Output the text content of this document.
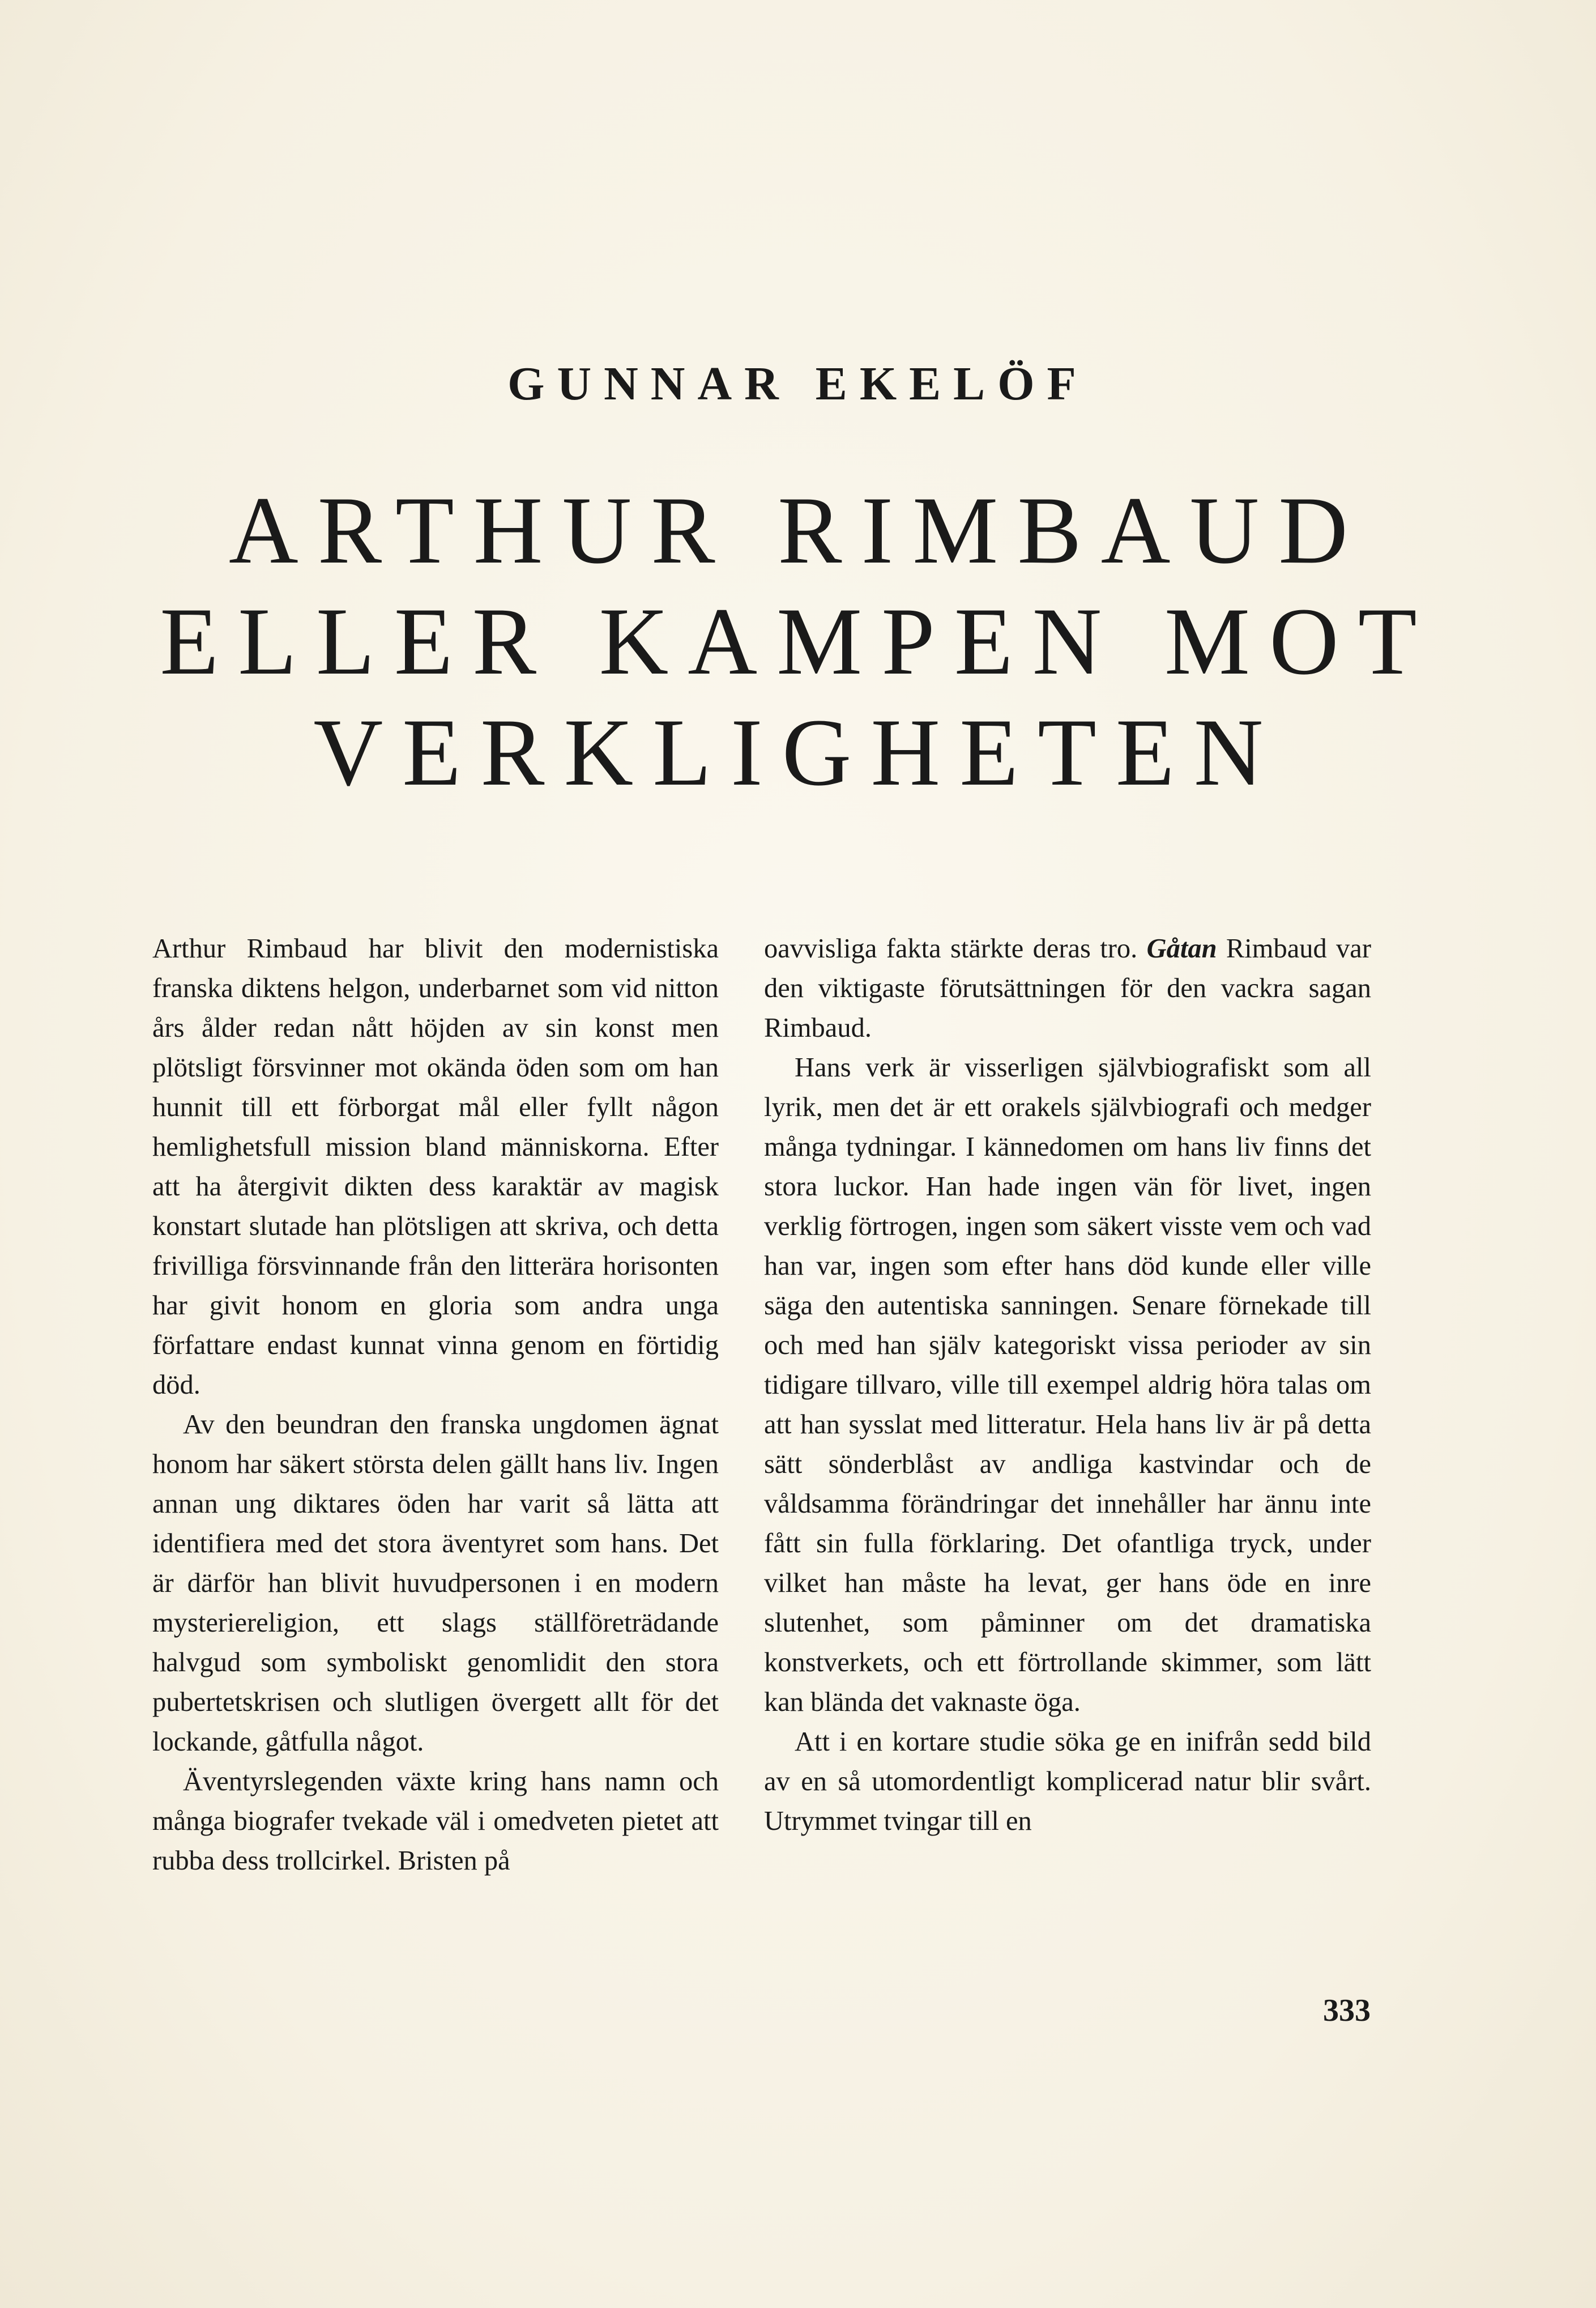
GUNNAR EKELÖF
ARTHUR RIMBAUD
ELLER KAMPEN MOT
VERKLIGHETEN

Arthur Rimbaud har blivit den modernistiska franska diktens helgon, underbarnet som vid nitton års ålder redan nått höjden av sin konst men plötsligt försvinner mot okända öden som om han hunnit till ett förborgat mål eller fyllt någon hemlighetsfull mission bland människorna. Efter att ha återgivit dikten dess karaktär av magisk konstart slutade han plötsligen att skriva, och detta frivilliga försvinnande från den litterära horisonten har givit honom en gloria som andra unga författare endast kunnat vinna genom en förtidig död.

Av den beundran den franska ungdomen ägnat honom har säkert största delen gällt hans liv. Ingen annan ung diktares öden har varit så lätta att identifiera med det stora äventyret som hans. Det är därför han blivit huvudpersonen i en modern mysteriereligion, ett slags ställföreträdande halvgud som symboliskt genomlidit den stora pubertetskrisen och slutligen övergett allt för det lockande, gåtfulla något.

Äventyrslegenden växte kring hans namn och många biografer tvekade väl i omedveten pietet att rubba dess trollcirkel. Bristen på

oavvisliga fakta stärkte deras tro. Gåtan Rimbaud var den viktigaste förutsättningen för den vackra sagan Rimbaud.

Hans verk är visserligen självbiografiskt som all lyrik, men det är ett orakels självbiografi och medger många tydningar. I kännedomen om hans liv finns det stora luckor. Han hade ingen vän för livet, ingen verklig förtrogen, ingen som säkert visste vem och vad han var, ingen som efter hans död kunde eller ville säga den autentiska sanningen. Senare förnekade till och med han själv kategoriskt vissa perioder av sin tidigare tillvaro, ville till exempel aldrig höra talas om att han sysslat med litteratur. Hela hans liv är på detta sätt sönderblåst av andliga kastvindar och de våldsamma förändringar det innehåller har ännu inte fått sin fulla förklaring. Det ofantliga tryck, under vilket han måste ha levat, ger hans öde en inre slutenhet, som påminner om det dramatiska konstverkets, och ett förtrollande skimmer, som lätt kan blända det vaknaste öga.

Att i en kortare studie söka ge en inifrån sedd bild av en så utomordentligt komplicerad natur blir svårt. Utrymmet tvingar till en

333
